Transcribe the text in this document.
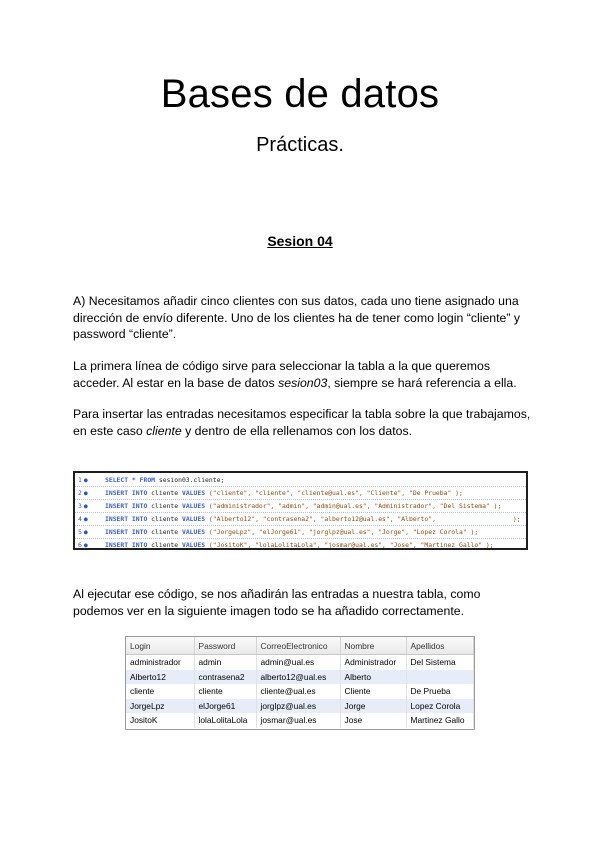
Bases de datos
Prácticas.
Sesion 04

A) Necesitamos añadir cinco clientes con sus datos, cada uno tiene asignado una dirección de envío diferente. Uno de los clientes ha de tener como login “cliente” y password “cliente”.

La primera línea de código sirve para seleccionar la tabla a la que queremos acceder. Al estar en la base de datos sesion03, siempre se hará referencia a ella.

Para insertar las entradas necesitamos especificar la tabla sobre la que trabajamos, en este caso cliente y dentro de ella rellenamos con los datos.

1 ●	SELECT * FROM sesion03.cliente;
2 ●	INSERT INTO cliente VALUES ("cliente", "cliente", "cliente@ual.es", "Cliente", "De Prueba" );
3 ●	INSERT INTO cliente VALUES ("administrador", "admin", "admin@ual.es", "Administrador", "Del Sistema" );
4 ●	INSERT INTO cliente VALUES ("Alberto12", "contrasena2", "alberto12@ual.es", "Alberto",                    );
5 ●	INSERT INTO cliente VALUES ("JorgeLpz", "elJorge61", "jorglpz@ual.es", "Jorge", "Lopez Corola" );
6 ●	INSERT INTO cliente VALUES ("JositoK", "lolaLolitaLola", "josmar@ual.es", "Jose", "Martinez Gallo" );

Al ejecutar ese código, se nos añadirán las entradas a nuestra tabla, como podemos ver en la siguiente imagen todo se ha añadido correctamente.

Login	Password	CorreoElectronico	Nombre	Apellidos
administrador	admin	admin@ual.es	Administrador	Del Sistema
Alberto12	contrasena2	alberto12@ual.es	Alberto	
cliente	cliente	cliente@ual.es	Cliente	De Prueba
JorgeLpz	elJorge61	jorglpz@ual.es	Jorge	Lopez Corola
JositoK	lolaLolitaLola	josmar@ual.es	Jose	Martinez Gallo
